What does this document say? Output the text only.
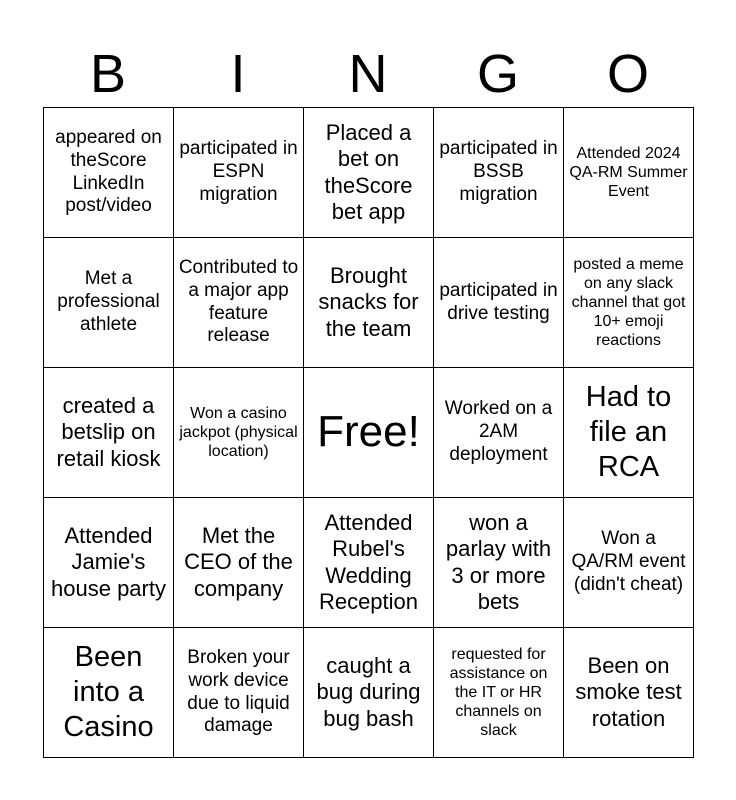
B	I	N	G	O
appeared on theScore LinkedIn post/video	participated in ESPN migration	Placed a bet on theScore bet app	participated in BSSB migration	Attended 2024 QA-RM Summer Event
Met a professional athlete	Contributed to a major app feature release	Brought snacks for the team	participated in drive testing	posted a meme on any slack channel that got 10+ emoji reactions
created a betslip on retail kiosk	Won a casino jackpot (physical location)	Free!	Worked on a 2AM deployment	Had to file an RCA
Attended Jamie's house party	Met the CEO of the company	Attended Rubel's Wedding Reception	won a parlay with 3 or more bets	Won a QA/RM event (didn't cheat)
Been into a Casino	Broken your work device due to liquid damage	caught a bug during bug bash	requested for assistance on the IT or HR channels on slack	Been on smoke test rotation
